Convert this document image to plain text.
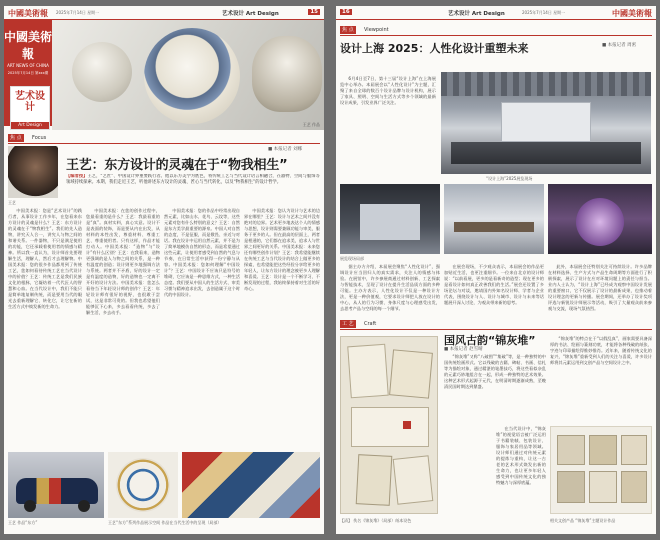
中國美術報 2025年7月14日 星期一	艺术设计 Art Design	15
中國美術報
ART NEWS OF CHINA
2025年7月14日 第xxx期
艺术设计
Art Design	王艺 作品
焦 点	Focus
王艺
王艺：东方设计的灵魂在于“物我相生”
■ 本报记者 刘娜
【编者按】王艺，“艺匠”、中国设计界重要践行者。他以东方美学为底色，将传统工艺与当代设计语言相融合，在器物、空间与服饰等领域持续探索。本期，我们走近王艺，听他讲述东方设计的灵魂、匠心与当代转化，以及“物我相生”的设计哲学。

中国美术报：您是“艺术设计”的践行者，从事设计工作多年，在您看来东方设计的灵魂是什么？王艺：东方设计的灵魂在于“物我相生”。我们的先人造物，讲究天人合一，讲究人与物之间的和谐关系。一件器物，不只是满足使用的功能，它还承载着使用者的情感与精神。所以我一直认为，设计师首先要理解生活，理解人，然后才去理解物。中国美术报：您的很多作品都用到了传统工艺，您如何看待传统工艺在当代设计中的价值？王艺：传统工艺是我们民族文化的根脉，它凝结着一代代匠人的智慧和心血。在当代设计中，我们不能只是简单地复制传统，而是要用当代的眼光去重新理解它、转化它，让它在新的生活方式中焕发新的生命力。

中国美术报：在您的创作过程中，您最看重的是什么？王艺：我最看重的是“真”。真材实料，真心实意。设计不是表面的装饰，而是要从内在出发，从材料的本性出发，尊重材料、尊重工艺、尊重使用者。只有这样，作品才能打动人。中国美术报：“造物”与“设计”有什么区别？王艺：在我看来，造物更强调的是人与物之间的关系，是一种有温度的创造；设计则更多地强调方法与系统。两者并不矛盾，好的设计一定是有温度的造物，好的造物也一定离不开好的设计方法。中国美术报：您怎么看待当下年轻设计师的创作？王艺：年轻设计师有很好的视野，也很敢于尝试，这是非常可贵的。但我也希望他们能够沉下心来，多去看看传统，多去了解生活，多去动手。

中国美术报：您的作品中经常出现自然元素，比如山水、花鸟、云纹等，这些元素对您有什么特别的意义？王艺：自然是东方美学最重要的源泉。中国人对自然的态度，不是征服，而是敬畏、亲近与对话。我在设计中运用自然元素，并不是为了简单地模仿自然的形态，而是希望通过这些元素，让使用者感受到自然的气息与节奏，在日常生活中获得一份宁静与从容。中国美术报：您如何理解“中国设计”？王艺：中国设计不应该只是符号的堆砌，它应该是一种思维方式，一种生活态度。我们要从中国人的生活方式、审美习惯与精神追求出发，去创造属于这个时代的中国设计。

中国美术报：您认为设计与艺术的边界在哪里？王艺：设计与艺术之间并没有绝对的边界。艺术更多地表达个人的情感与思想，设计则需要兼顾功能与审美，服务于更多的人。但在最高的层面上，两者是相通的，它们都在追求美，追求人与世界之间更好的关系。中国美术报：未来您还有哪些创作计划？王艺：我希望能继续在传统工艺与当代设计的结合上做更多的探索，也希望能把这些经验分享给更多的年轻人，让东方设计的理念被更多人理解和喜爱。王艺：设计是一个不断学习、不断发现的过程，我始终保持着对生活的好奇心。

王艺 作品“东方”	王艺“东方”系列作品展示空间 作品在当代生活中的呈现（局部）
16	艺术设计 Art Design	2025年7月14日 星期一	中國美術報
焦 点	Viewpoint
设计上海 2025：人性化设计重塑未来	■ 本报记者 周密

6月4日至7日，第十三届“设计上海”在上海展览中心举办。本届展会以“人性化设计”为主题，汇聚了来自全球的数百个设计品牌与设计机构，展示了家具、照明、空间与生活方式等多个领域的最新设计成果，引发业界广泛关注。

“设计上海”2025展览现场
展览现场局部

据主办方介绍，本届展会聚焦“人性化设计”，强调设计应当回归人的真实需求，关注人的情感与体验。在展馆中，许多参展商通过材料创新、工艺探索与智能技术，呈现了设计在提升生活品质方面的多种可能。主办方表示，人性化设计不仅是一种设计方法，更是一种价值观，它要求设计师把人放在设计的中心，从人的行为习惯、身体尺度与心理感受出发，去思考产品与空间的每一个细节。

在展会现场，不少观众表示，本届展会的作品更加贴近生活，也更注重细节。一位来自北京的设计师说：“以前看展，更多的是看新奇的造型；现在更多的是看设计如何真正改善我们的生活。”展会还设置了多场论坛与对谈，邀请国内外知名设计师、学者与企业代表，围绕设计与人、设计与城市、设计与未来等话题展开深入讨论，为观众带来新的思考。

此外，本届展会还特别关注可持续设计。许多品牌在材料选择、生产方式与产品生命周期等方面进行了积极探索，展示了设计在应对环境问题上的责任与担当。业内人士认为，“设计上海”已经成为观察中国设计发展的重要窗口，它不仅展示了设计的最新成果，也推动着设计理念的更新与传播。展会期间，还举办了设计奖项评选与新锐设计师展示等活动，吸引了大量观众前来参观与交流，现场气氛热烈。

工 艺	Craft
【清】 佚名《锦灰堆》（局部）纸本设色
国风古韵“锦灰堆”
■ 本报记者 赵雪晴

“锦灰堆”又称“八破图”“集破”等，是一种独特的中国传统绘画形式。它以残破的古籍、碑帖、书画、信札等为描绘对象，通过精湛的笔墨技巧，将这些看似杂乱的元素巧妙地组合在一起，形成一种独特的艺术效果。这种艺术形式起源于元代，在明清时期逐渐成熟，至晚清民国时期达到鼎盛。

“锦灰堆”的特点在于“以假乱真”，画家需要具备深厚的书法、绘画与篆刻功底，才能将各种残破的纸张、字迹与印章描绘得惟妙惟肖。近年来，随着传统文化的复兴，“锦灰堆”重新受到人们的关注与喜爱，许多设计师将其元素运用到文创产品与空间设计之中。

在当代设计中，“锦灰堆”的视觉语言被广泛运用于书籍装帧、包装设计、服饰与家居用品等领域。设计师们通过对传统元素的提炼与重构，让这一古老的艺术形式焕发出新的生命力，也让更多年轻人感受到中国传统文化的独特魅力与深厚底蕴。

相关文创产品 “锦灰堆”主题设计作品
